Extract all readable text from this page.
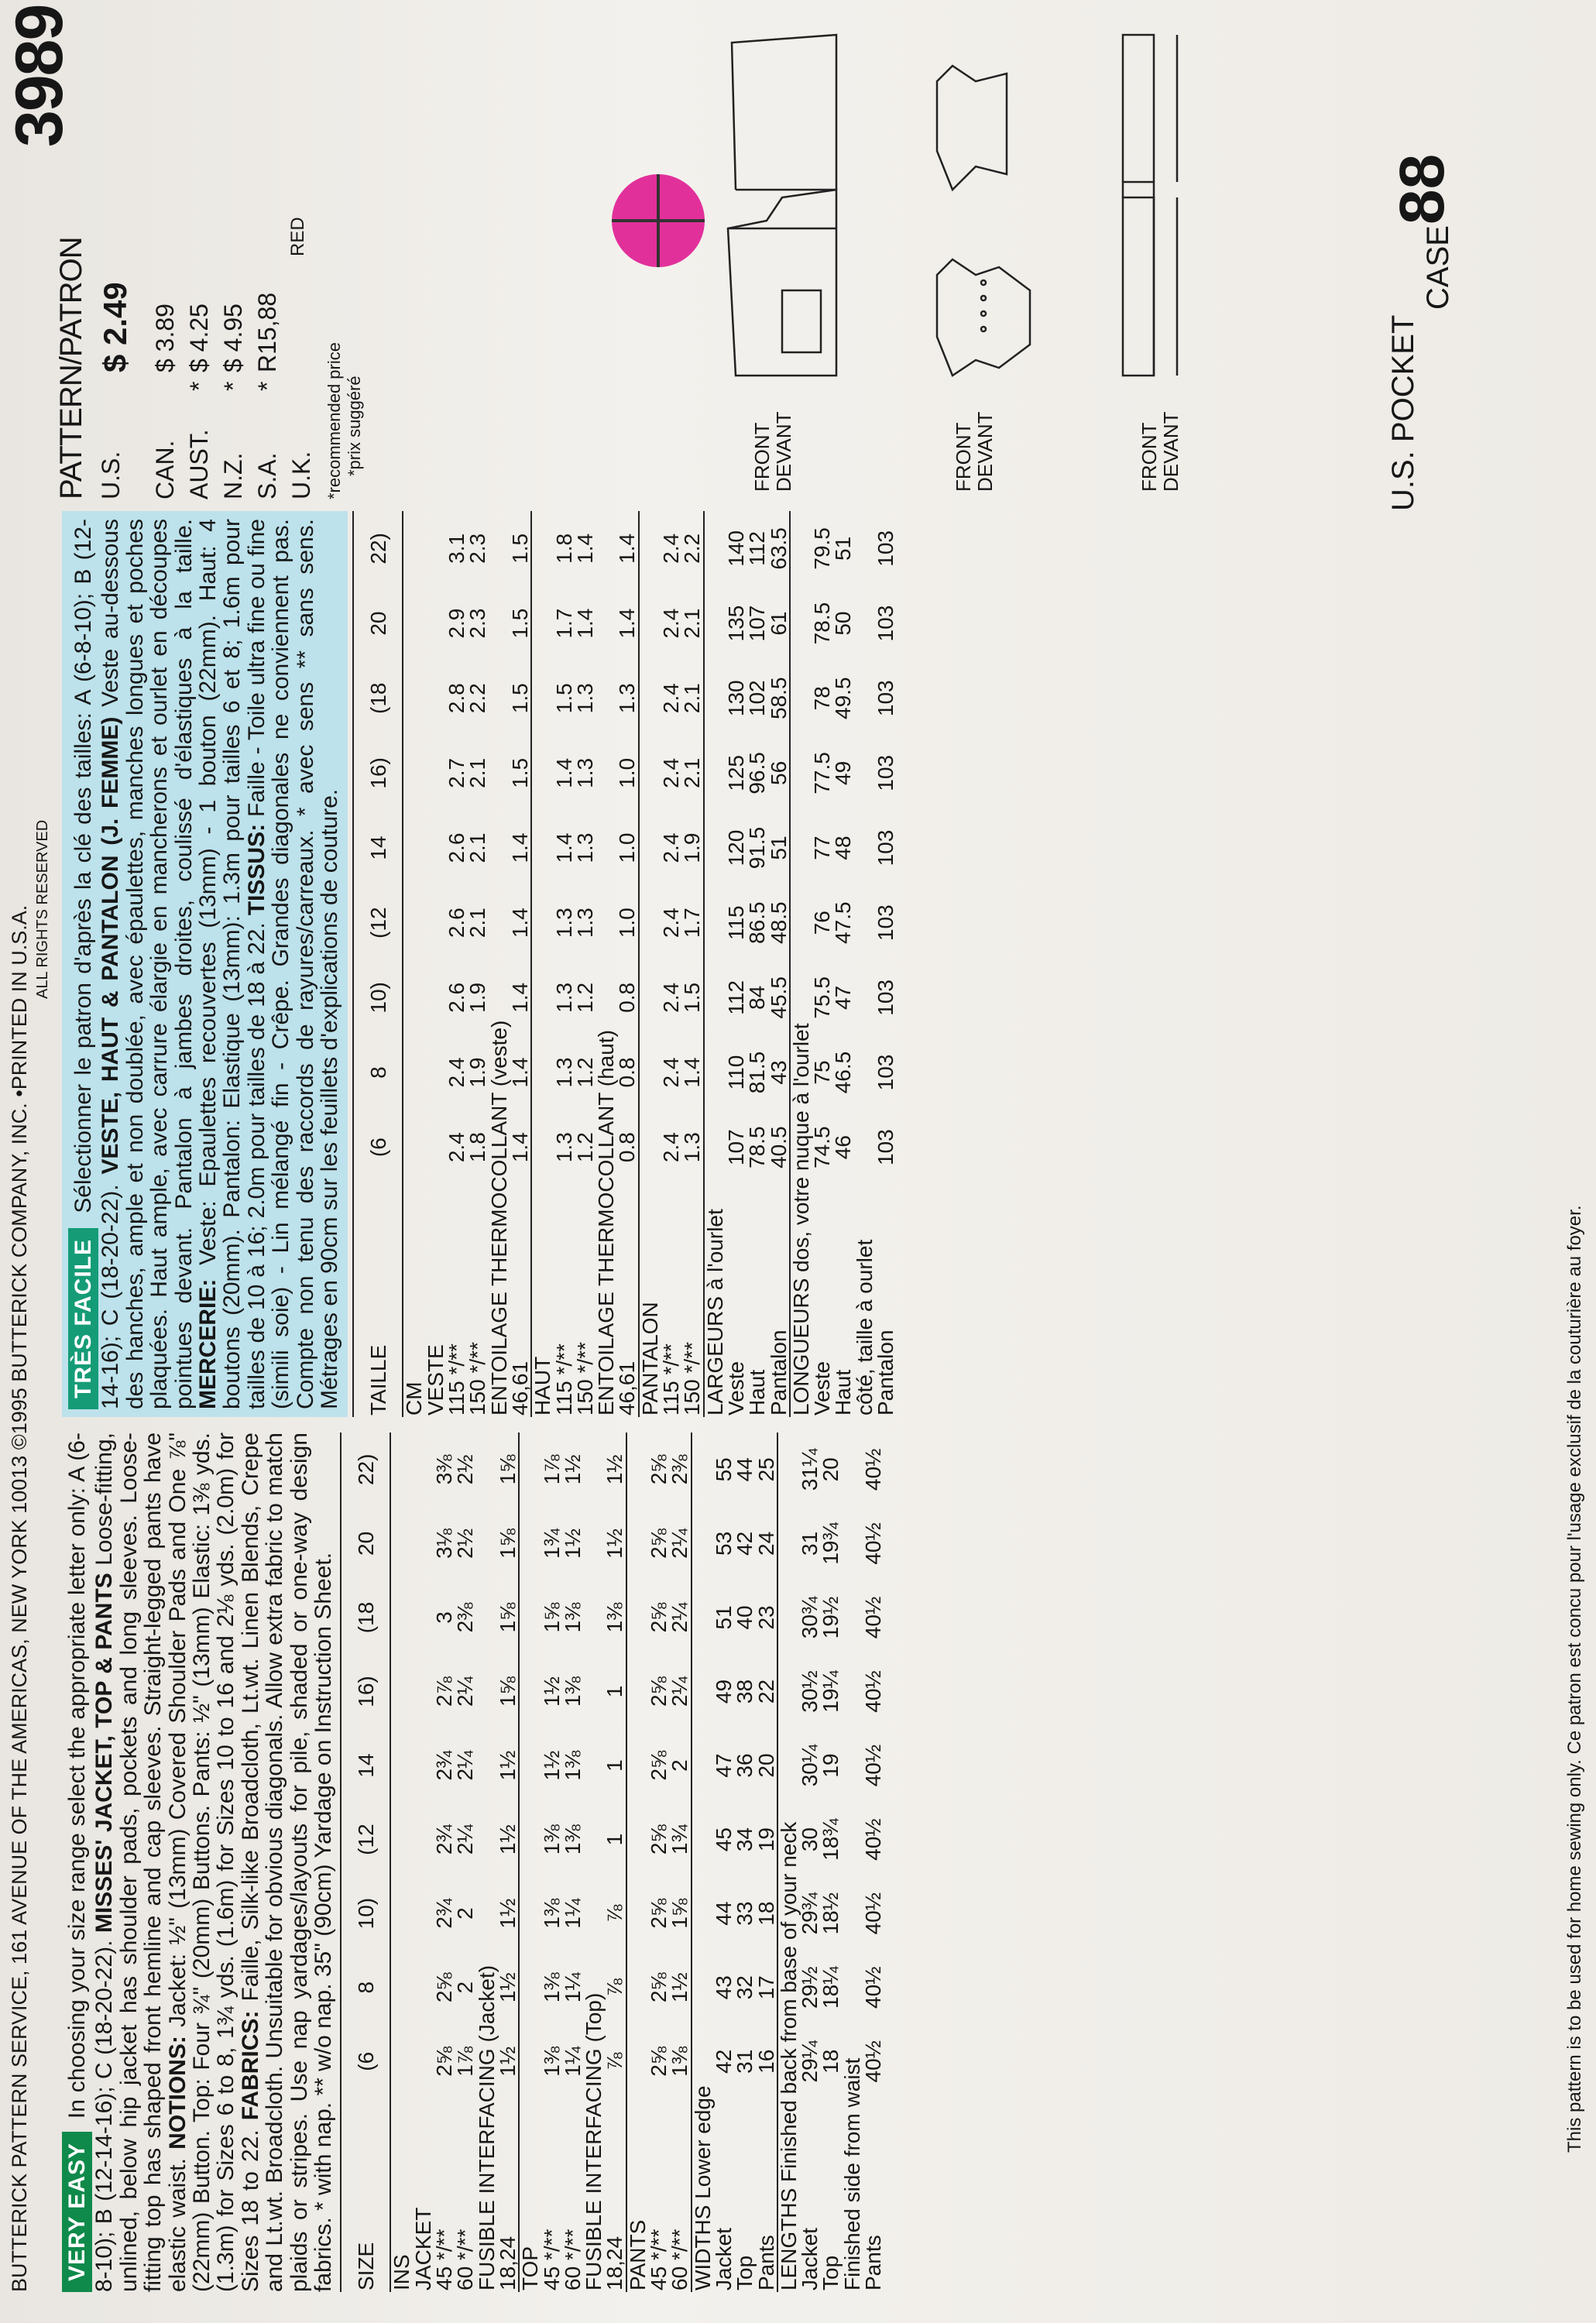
BUTTERICK PATTERN SERVICE, 161 AVENUE OF THE AMERICAS, NEW YORK 10013 ©1995 BUTTERICK COMPANY, INC. •PRINTED IN U.S.A. ALL RIGHTS RESERVED
3989

VERY EASY In choosing your size range select the appropriate letter only: A (6-8-10); B (12-14-16); C (18-20-22). MISSES' JACKET, TOP & PANTS Loose-fitting, unlined, below hip jacket has shoulder pads, pockets and long sleeves. Loose-fitting top has shaped front hemline and cap sleeves. Straight-legged pants have elastic waist. NOTIONS: Jacket: ½" (13mm) Covered Shoulder Pads and One ⅞" (22mm) Button. Top: Four ¾" (20mm) Buttons. Pants: ½" (13mm) Elastic: 1⅜ yds. (1.3m) for Sizes 6 to 8, 1¾ yds. (1.6m) for Sizes 10 to 16 and 2⅛ yds. (2.0m) for Sizes 18 to 22. FABRICS: Faille, Silk-like Broadcloth, Lt.wt. Linen Blends, Crepe and Lt.wt. Broadcloth. Unsuitable for obvious diagonals. Allow extra fabric to match plaids or stripes. Use nap yardages/layouts for pile, shaded or one-way design fabrics. * with nap. ** w/o nap. 35" (90cm) Yardage on Instruction Sheet. SIZE	(6	8	10)	(12	14	16)	(18	20	22)
INS									
JACKET									
45 */**	2⅝	2⅝	2¾	2¾	2¾	2⅞	3	3⅛	3⅜
60 */**	1⅞	2	2	2¼	2¼	2¼	2⅜	2½	2½
FUSIBLE INTERFACING (Jacket)									
18,24	1½	1½	1½	1½	1½	1⅝	1⅝	1⅝	1⅝
TOP									
45 */**	1⅜	1⅜	1⅜	1⅜	1½	1½	1⅝	1¾	1⅞
60 */**	1¼	1¼	1¼	1⅜	1⅜	1⅜	1⅜	1½	1½
FUSIBLE INTERFACING (Top)									
18,24	⅞	⅞	⅞	1	1	1	1⅜	1½	1½
PANTS									
45 */**	2⅝	2⅝	2⅝	2⅝	2⅝	2⅝	2⅝	2⅝	2⅝
60 */**	1⅜	1½	1⅝	1¾	2	2¼	2¼	2¼	2⅜
WIDTHS Lower edge									
Jacket	42	43	44	45	47	49	51	53	55
Top	31	32	33	34	36	38	40	42	44
Pants	16	17	18	19	20	22	23	24	25
LENGTHS Finished back from base of your neck									
Jacket	29¼	29½	29¾	30	30¼	30½	30¾	31	31¼
Top	18	18¼	18½	18¾	19	19¼	19½	19¾	20
Finished side from waist									
Pants	40½	40½	40½	40½	40½	40½	40½	40½	40½

TRÈS FACILE Sélectionner le patron d'après la clé des tailles: A (6-8-10); B (12-14-16); C (18-20-22). VESTE, HAUT & PANTALON (J. FEMME) Veste au-dessous des hanches, ample et non doublée, avec épaulettes, manches longues et poches plaquées. Haut ample, avec carrure élargie en mancherons et ourlet en découpes pointues devant. Pantalon à jambes droites, coulissé d'élastiques à la taille. MERCERIE: Veste: Epaulettes recouvertes (13mm) - 1 bouton (22mm). Haut: 4 boutons (20mm). Pantalon: Elastique (13mm): 1.3m pour tailles 6 et 8; 1.6m pour tailles de 10 à 16; 2.0m pour tailles de 18 à 22. TISSUS: Faille - Toile ultra fine ou fine (simili soie) - Lin mélangé fin - Crêpe. Grandes diagonales ne conviennent pas. Compte non tenu des raccords de rayures/carreaux. * avec sens ** sans sens. Métrages en 90cm sur les feuillets d'explications de couture. TAILLE	(6	8	10)	(12	14	16)	(18	20	22)
CM									
VESTE									
115 */**	2.4	2.4	2.6	2.6	2.6	2.7	2.8	2.9	3.1
150 */**	1.8	1.9	1.9	2.1	2.1	2.1	2.2	2.3	2.3
ENTOILAGE THERMOCOLLANT (veste)									
46,61	1.4	1.4	1.4	1.4	1.4	1.5	1.5	1.5	1.5
HAUT									
115 */**	1.3	1.3	1.3	1.3	1.4	1.4	1.5	1.7	1.8
150 */**	1.2	1.2	1.2	1.3	1.3	1.3	1.3	1.4	1.4
ENTOILAGE THERMOCOLLANT (haut)									
46,61	0.8	0.8	0.8	1.0	1.0	1.0	1.3	1.4	1.4
PANTALON									
115 */**	2.4	2.4	2.4	2.4	2.4	2.4	2.4	2.4	2.4
150 */**	1.3	1.4	1.5	1.7	1.9	2.1	2.1	2.1	2.2
LARGEURS à l'ourlet									
Veste	107	110	112	115	120	125	130	135	140
Haut	78.5	81.5	84	86.5	91.5	96.5	102	107	112
Pantalon	40.5	43	45.5	48.5	51	56	58.5	61	63.5
LONGUEURS dos, votre nuque à l'ourlet									
Veste	74.5	75	75.5	76	77	77.5	78	78.5	79.5
Haut	46	46.5	47	47.5	48	49	49.5	50	51
côté, taille à ourlet									
Pantalon	103	103	103	103	103	103	103	103	103
PATTERN/PATRON U.S.
$ 2.49
CAN.
$ 3.89
AUST.
*
$ 4.25
N.Z.
*
$ 4.95
S.A.
*
R15,88
U.K.
RED
*recommended price *prix suggéré	FRONT
DEVANT	FRONT
DEVANT	FRONT
DEVANT	U.S. POCKET
CASE
88
This pattern is to be used for home sewing only. Ce patron est concu pour l'usage exclusif de la couturière au foyer.
